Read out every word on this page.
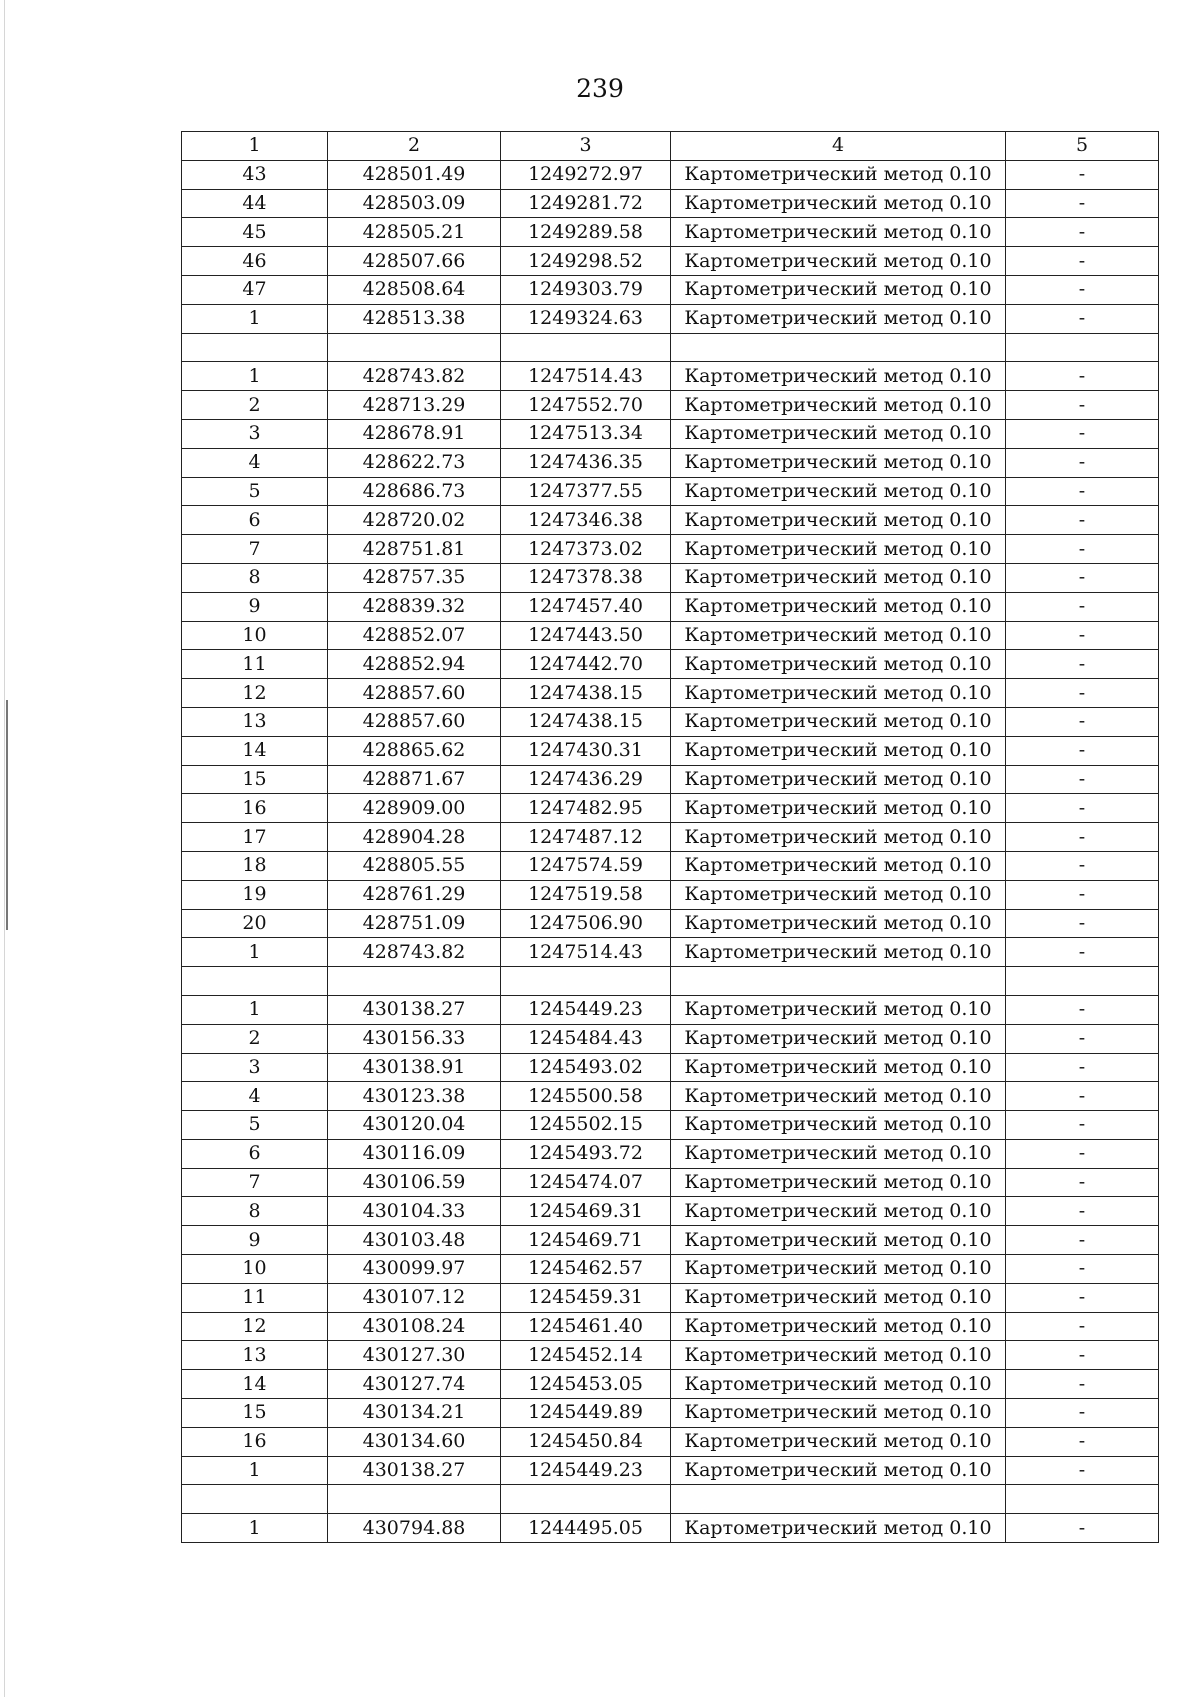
239
1	2	3	4	5
43	428501.49	1249272.97	Картометрический метод 0.10	-
44	428503.09	1249281.72	Картометрический метод 0.10	-
45	428505.21	1249289.58	Картометрический метод 0.10	-
46	428507.66	1249298.52	Картометрический метод 0.10	-
47	428508.64	1249303.79	Картометрический метод 0.10	-
1	428513.38	1249324.63	Картометрический метод 0.10	-

1	428743.82	1247514.43	Картометрический метод 0.10	-
2	428713.29	1247552.70	Картометрический метод 0.10	-
3	428678.91	1247513.34	Картометрический метод 0.10	-
4	428622.73	1247436.35	Картометрический метод 0.10	-
5	428686.73	1247377.55	Картометрический метод 0.10	-
6	428720.02	1247346.38	Картометрический метод 0.10	-
7	428751.81	1247373.02	Картометрический метод 0.10	-
8	428757.35	1247378.38	Картометрический метод 0.10	-
9	428839.32	1247457.40	Картометрический метод 0.10	-
10	428852.07	1247443.50	Картометрический метод 0.10	-
11	428852.94	1247442.70	Картометрический метод 0.10	-
12	428857.60	1247438.15	Картометрический метод 0.10	-
13	428857.60	1247438.15	Картометрический метод 0.10	-
14	428865.62	1247430.31	Картометрический метод 0.10	-
15	428871.67	1247436.29	Картометрический метод 0.10	-
16	428909.00	1247482.95	Картометрический метод 0.10	-
17	428904.28	1247487.12	Картометрический метод 0.10	-
18	428805.55	1247574.59	Картометрический метод 0.10	-
19	428761.29	1247519.58	Картометрический метод 0.10	-
20	428751.09	1247506.90	Картометрический метод 0.10	-
1	428743.82	1247514.43	Картометрический метод 0.10	-

1	430138.27	1245449.23	Картометрический метод 0.10	-
2	430156.33	1245484.43	Картометрический метод 0.10	-
3	430138.91	1245493.02	Картометрический метод 0.10	-
4	430123.38	1245500.58	Картометрический метод 0.10	-
5	430120.04	1245502.15	Картометрический метод 0.10	-
6	430116.09	1245493.72	Картометрический метод 0.10	-
7	430106.59	1245474.07	Картометрический метод 0.10	-
8	430104.33	1245469.31	Картометрический метод 0.10	-
9	430103.48	1245469.71	Картометрический метод 0.10	-
10	430099.97	1245462.57	Картометрический метод 0.10	-
11	430107.12	1245459.31	Картометрический метод 0.10	-
12	430108.24	1245461.40	Картометрический метод 0.10	-
13	430127.30	1245452.14	Картометрический метод 0.10	-
14	430127.74	1245453.05	Картометрический метод 0.10	-
15	430134.21	1245449.89	Картометрический метод 0.10	-
16	430134.60	1245450.84	Картометрический метод 0.10	-
1	430138.27	1245449.23	Картометрический метод 0.10	-

1	430794.88	1244495.05	Картометрический метод 0.10	-
